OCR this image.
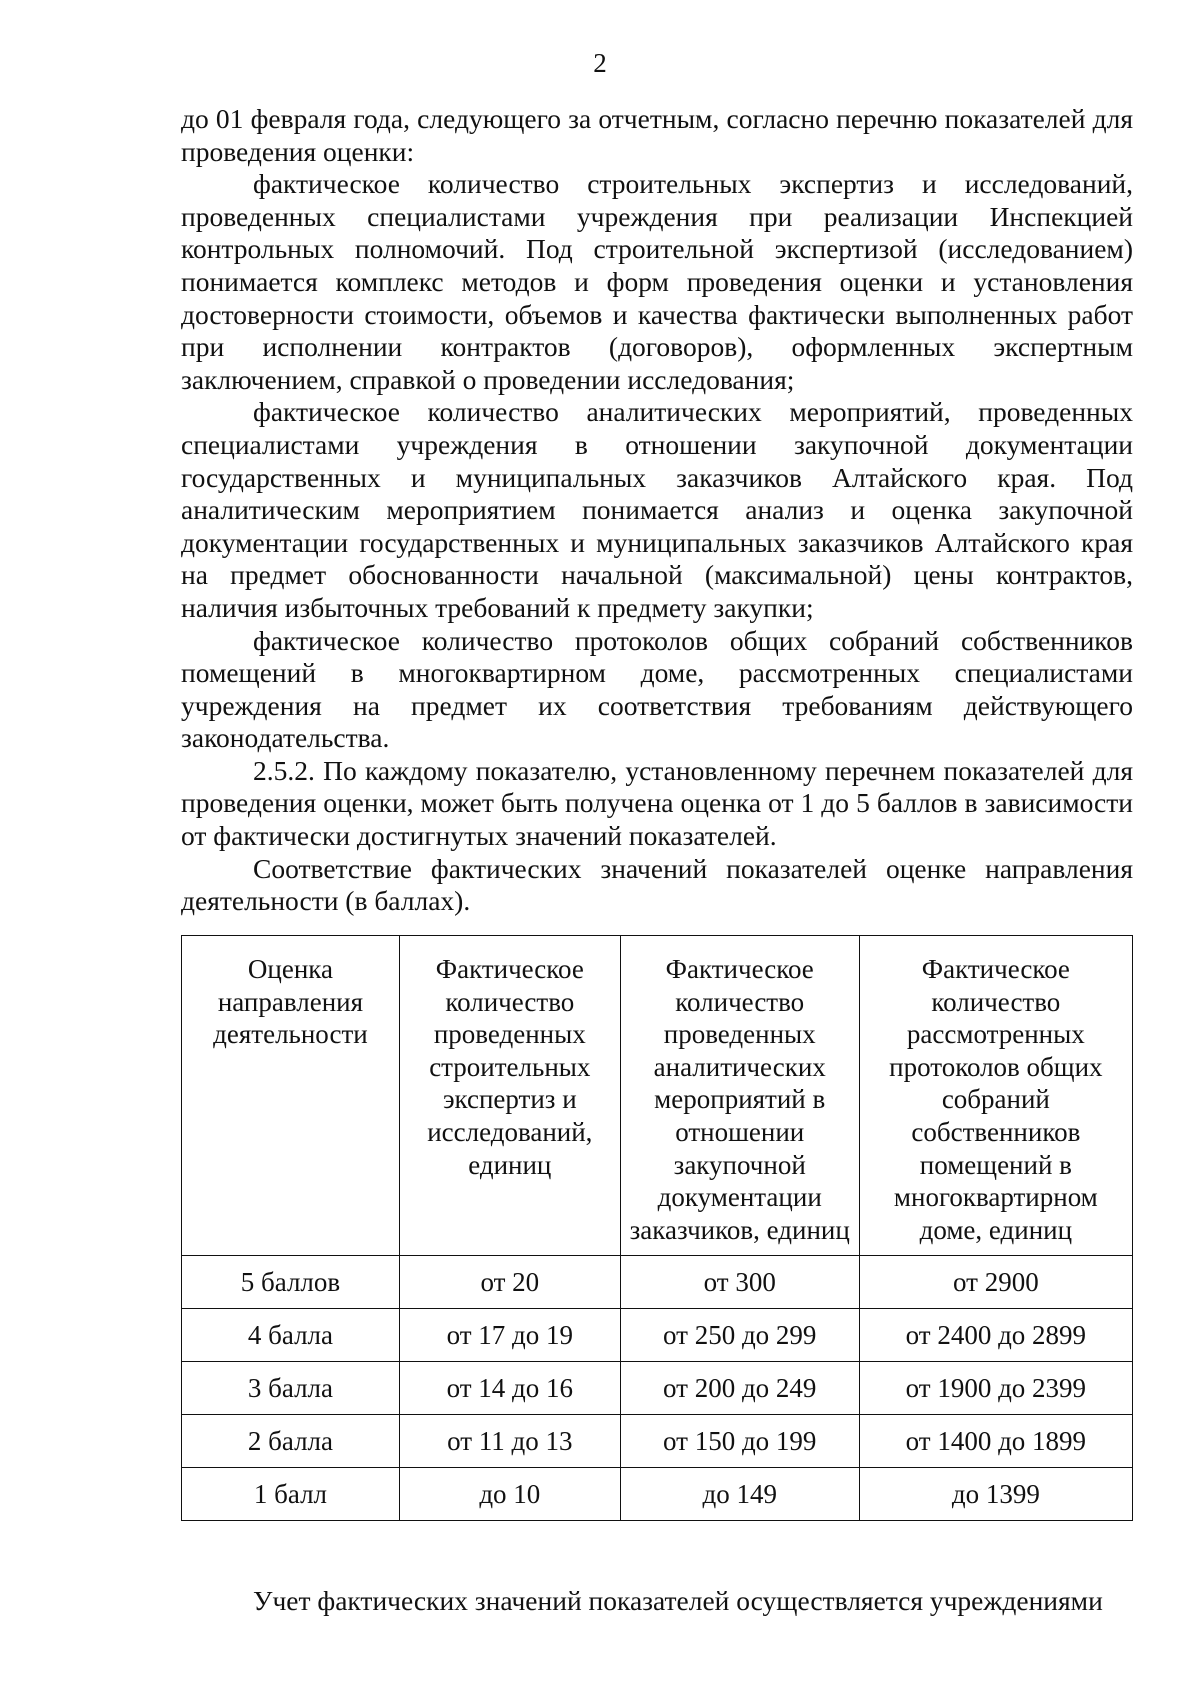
2

до 01 февраля года, следующего за отчетным, согласно перечню показателей для проведения оценки:

фактическое количество строительных экспертиз и исследований, проведенных специалистами учреждения при реализации Инспекцией контрольных полномочий. Под строительной экспертизой (исследованием) понимается комплекс методов и форм проведения оценки и установления достоверности стоимости, объемов и качества фактически выполненных работ при исполнении контрактов (договоров), оформленных экспертным заключением, справкой о проведении исследования;

фактическое количество аналитических мероприятий, проведенных специалистами учреждения в отношении закупочной документации государственных и муниципальных заказчиков Алтайского края. Под аналитическим мероприятием понимается анализ и оценка закупочной документации государственных и муниципальных заказчиков Алтайского края на предмет обоснованности начальной (максимальной) цены контрактов, наличия избыточных требований к предмету закупки;

фактическое количество протоколов общих собраний собственников помещений в многоквартирном доме, рассмотренных специалистами учреждения на предмет их соответствия требованиям действующего законодательства.

2.5.2. По каждому показателю, установленному перечнем показателей для проведения оценки, может быть получена оценка от 1 до 5 баллов в зависимости от фактически достигнутых значений показателей.

Соответствие фактических значений показателей оценке направления деятельности (в баллах).

Оценка направления деятельности	Фактическое количество проведенных строительных экспертиз и исследований, единиц	Фактическое количество проведенных аналитических мероприятий в отношении закупочной документации заказчиков, единиц	Фактическое количество рассмотренных протоколов общих собраний собственников помещений в многоквартирном доме, единиц
5 баллов	от 20	от 300	от 2900
4 балла	от 17 до 19	от 250 до 299	от 2400 до 2899
3 балла	от 14 до 16	от 200 до 249	от 1900 до 2399
2 балла	от 11 до 13	от 150 до 199	от 1400 до 1899
1 балл	до 10	до 149	до 1399

Учет фактических значений показателей осуществляется учреждениями
